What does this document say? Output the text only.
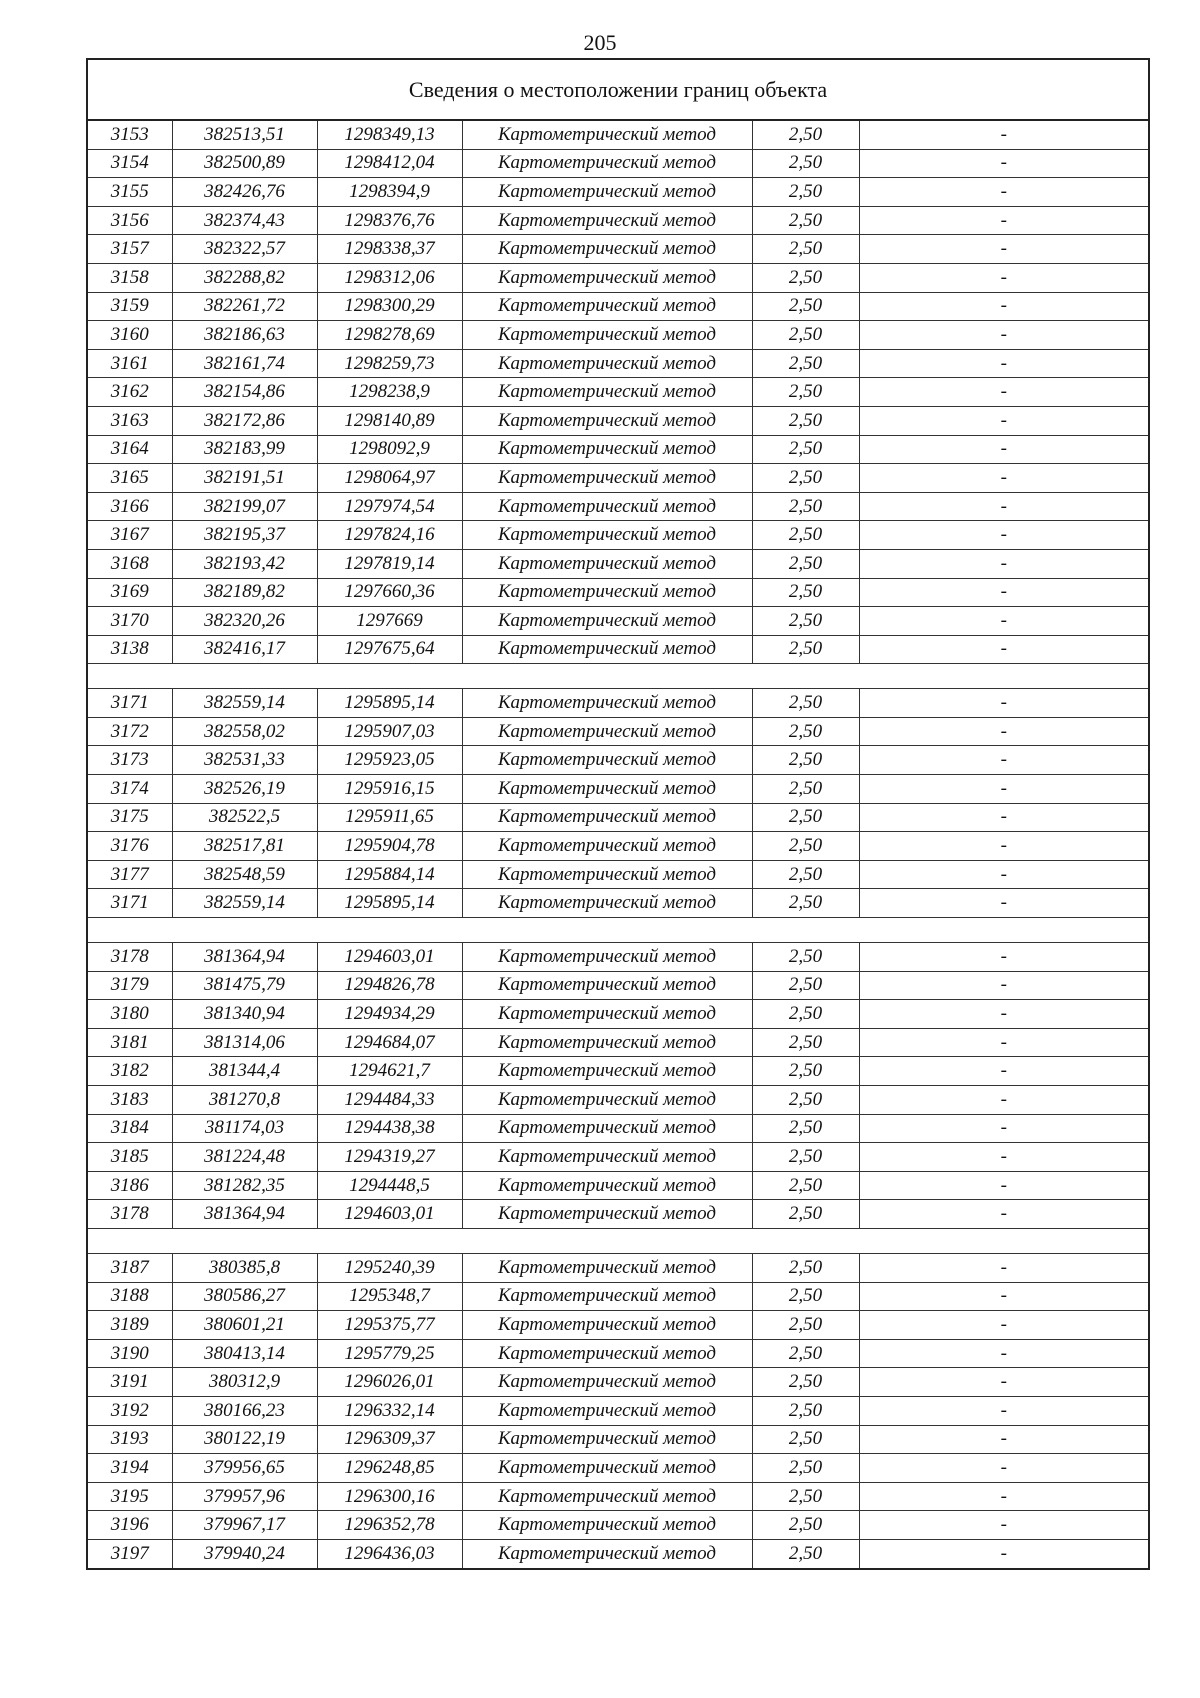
205
Сведения о местоположении границ объекта					
3153	382513,51	1298349,13	Картометрический метод	2,50	-
3154	382500,89	1298412,04	Картометрический метод	2,50	-
3155	382426,76	1298394,9	Картометрический метод	2,50	-
3156	382374,43	1298376,76	Картометрический метод	2,50	-
3157	382322,57	1298338,37	Картометрический метод	2,50	-
3158	382288,82	1298312,06	Картометрический метод	2,50	-
3159	382261,72	1298300,29	Картометрический метод	2,50	-
3160	382186,63	1298278,69	Картометрический метод	2,50	-
3161	382161,74	1298259,73	Картометрический метод	2,50	-
3162	382154,86	1298238,9	Картометрический метод	2,50	-
3163	382172,86	1298140,89	Картометрический метод	2,50	-
3164	382183,99	1298092,9	Картометрический метод	2,50	-
3165	382191,51	1298064,97	Картометрический метод	2,50	-
3166	382199,07	1297974,54	Картометрический метод	2,50	-
3167	382195,37	1297824,16	Картометрический метод	2,50	-
3168	382193,42	1297819,14	Картометрический метод	2,50	-
3169	382189,82	1297660,36	Картометрический метод	2,50	-
3170	382320,26	1297669	Картометрический метод	2,50	-
3138	382416,17	1297675,64	Картометрический метод	2,50	-

3171	382559,14	1295895,14	Картометрический метод	2,50	-
3172	382558,02	1295907,03	Картометрический метод	2,50	-
3173	382531,33	1295923,05	Картометрический метод	2,50	-
3174	382526,19	1295916,15	Картометрический метод	2,50	-
3175	382522,5	1295911,65	Картометрический метод	2,50	-
3176	382517,81	1295904,78	Картометрический метод	2,50	-
3177	382548,59	1295884,14	Картометрический метод	2,50	-
3171	382559,14	1295895,14	Картометрический метод	2,50	-

3178	381364,94	1294603,01	Картометрический метод	2,50	-
3179	381475,79	1294826,78	Картометрический метод	2,50	-
3180	381340,94	1294934,29	Картометрический метод	2,50	-
3181	381314,06	1294684,07	Картометрический метод	2,50	-
3182	381344,4	1294621,7	Картометрический метод	2,50	-
3183	381270,8	1294484,33	Картометрический метод	2,50	-
3184	381174,03	1294438,38	Картометрический метод	2,50	-
3185	381224,48	1294319,27	Картометрический метод	2,50	-
3186	381282,35	1294448,5	Картометрический метод	2,50	-
3178	381364,94	1294603,01	Картометрический метод	2,50	-

3187	380385,8	1295240,39	Картометрический метод	2,50	-
3188	380586,27	1295348,7	Картометрический метод	2,50	-
3189	380601,21	1295375,77	Картометрический метод	2,50	-
3190	380413,14	1295779,25	Картометрический метод	2,50	-
3191	380312,9	1296026,01	Картометрический метод	2,50	-
3192	380166,23	1296332,14	Картометрический метод	2,50	-
3193	380122,19	1296309,37	Картометрический метод	2,50	-
3194	379956,65	1296248,85	Картометрический метод	2,50	-
3195	379957,96	1296300,16	Картометрический метод	2,50	-
3196	379967,17	1296352,78	Картометрический метод	2,50	-
3197	379940,24	1296436,03	Картометрический метод	2,50	-
